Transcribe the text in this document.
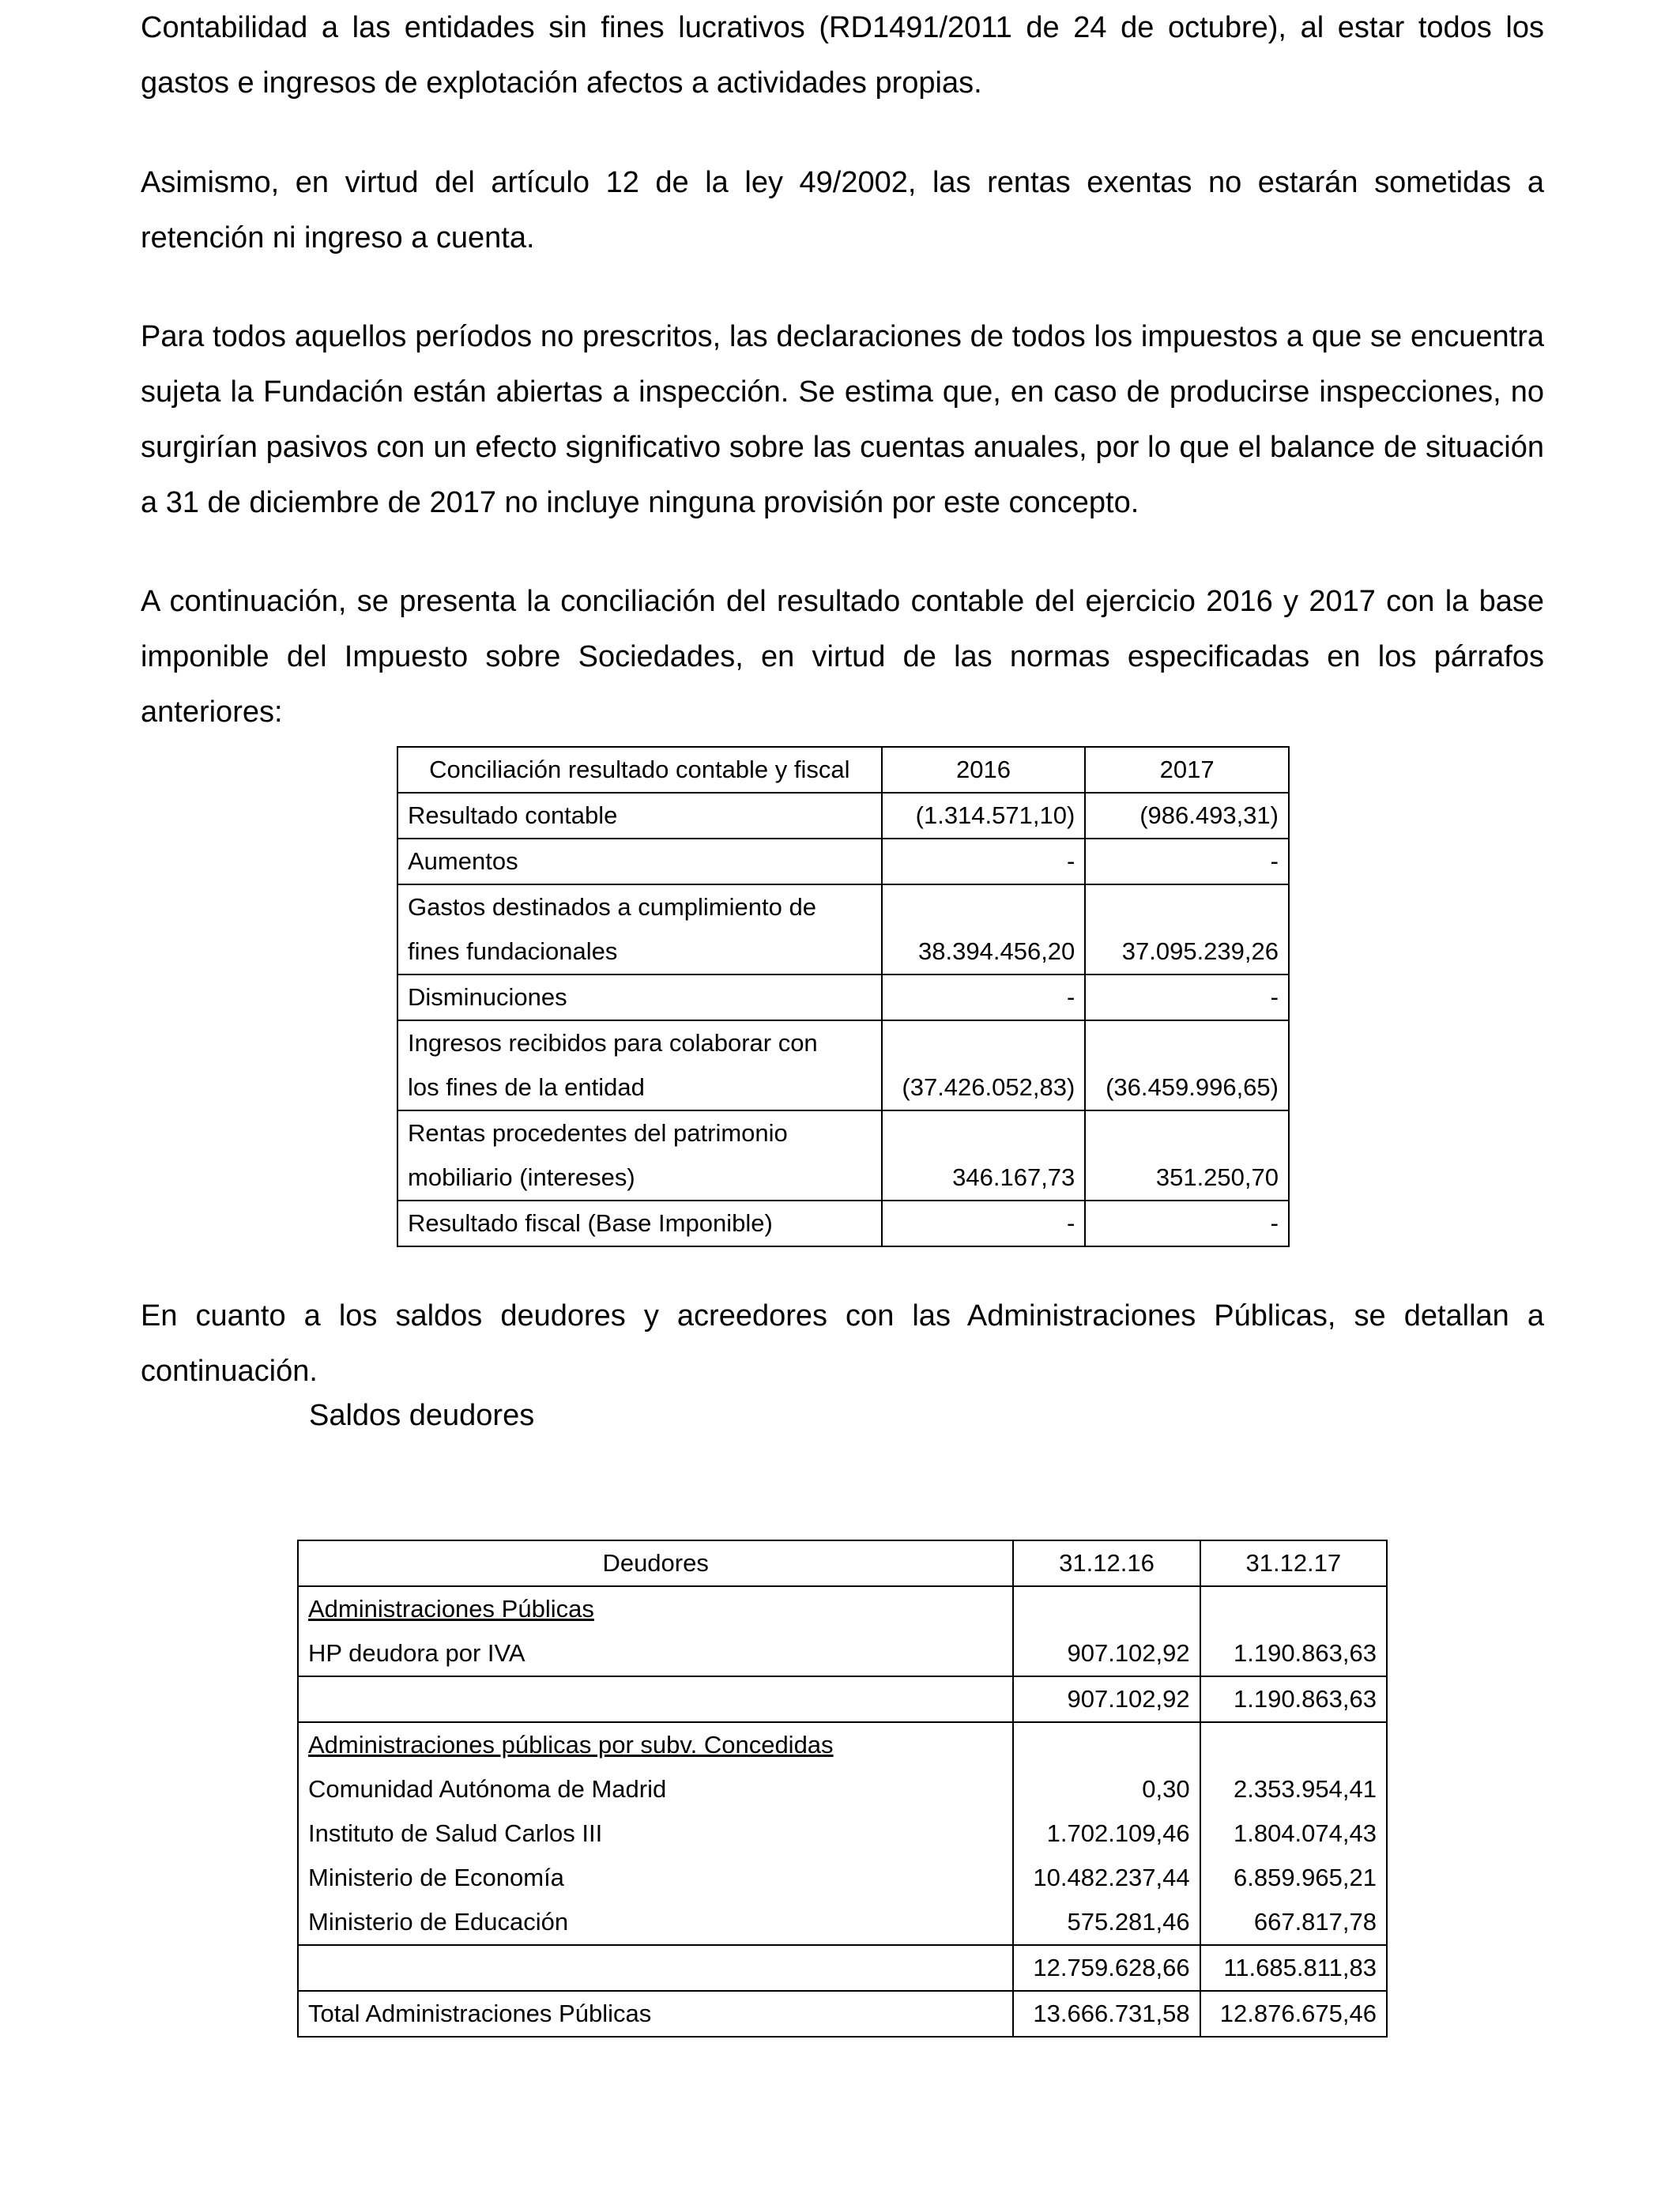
Contabilidad a las entidades sin fines lucrativos (RD1491/2011 de 24 de octubre), al estar todos los gastos e ingresos de explotación afectos a actividades propias.

Asimismo, en virtud del artículo 12 de la ley 49/2002, las rentas exentas no estarán sometidas a retención ni ingreso a cuenta.

Para todos aquellos períodos no prescritos, las declaraciones de todos los impuestos a que se encuentra sujeta la Fundación están abiertas a inspección. Se estima que, en caso de producirse inspecciones, no surgirían pasivos con un efecto significativo sobre las cuentas anuales, por lo que el balance de situación a 31 de diciembre de 2017 no incluye ninguna provisión por este concepto.

A continuación, se presenta la conciliación del resultado contable del ejercicio 2016 y 2017 con la base imponible del Impuesto sobre Sociedades, en virtud de las normas especificadas en los párrafos anteriores:

Conciliación resultado contable y fiscal	2016	2017
Resultado contable	(1.314.571,10)	(986.493,31)
Aumentos	-	-

Gastos destinados a cumplimiento de
fines fundacionales	38.394.456,20	37.095.239,26
Disminuciones	-	-

Ingresos recibidos para colaborar con
los fines de la entidad	(37.426.052,83)	(36.459.996,65)

Rentas procedentes del patrimonio
mobiliario (intereses)	346.167,73	351.250,70
Resultado fiscal (Base Imponible)	-	-

En cuanto a los saldos deudores y acreedores con las Administraciones Públicas, se detallan a continuación.

Saldos deudores

Deudores	31.12.16	31.12.17
Administraciones Públicas		
HP deudora por IVA	907.102,92	1.190.863,63
	907.102,92	1.190.863,63
Administraciones públicas por subv. Concedidas		
Comunidad Autónoma de Madrid	0,30	2.353.954,41
Instituto de Salud Carlos III	1.702.109,46	1.804.074,43
Ministerio de Economía	10.482.237,44	6.859.965,21
Ministerio de Educación	575.281,46	667.817,78
	12.759.628,66	11.685.811,83
Total Administraciones Públicas	13.666.731,58	12.876.675,46
